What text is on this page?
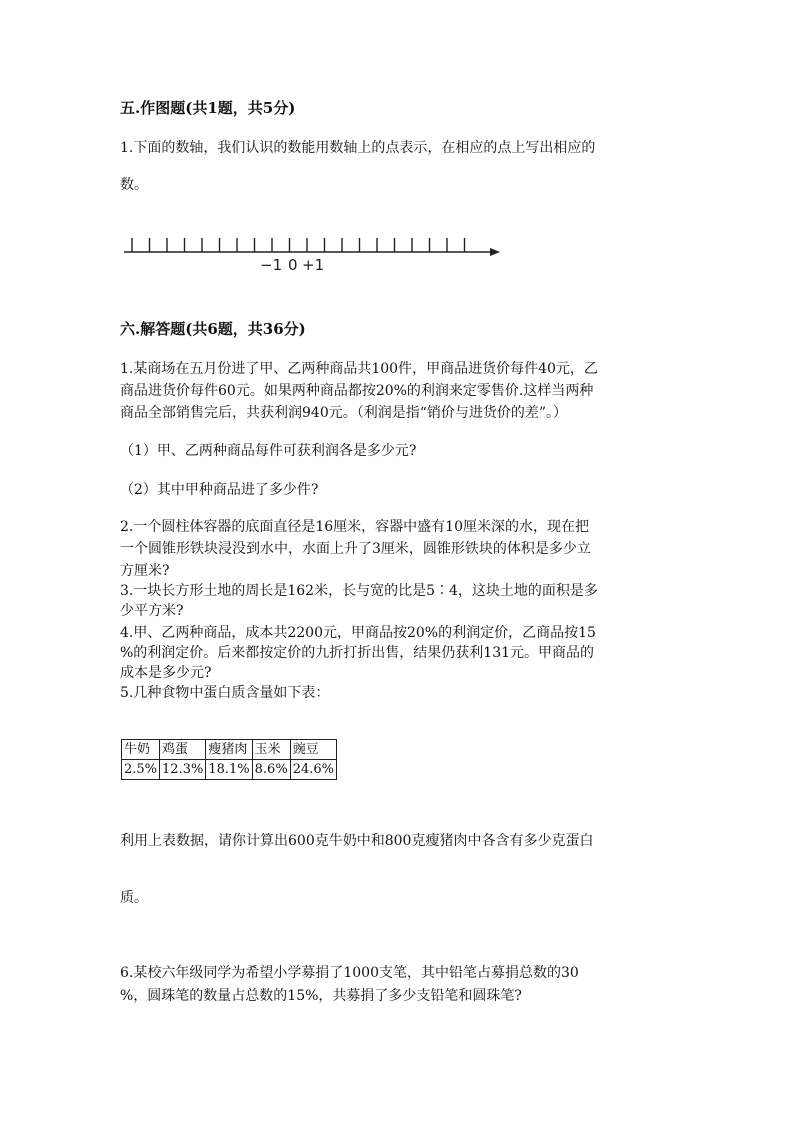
五.作图题(共1题，共5分)
1.下面的数轴，我们认识的数能用数轴上的点表示，在相应的点上写出相应的
数。
−1 0 +1
六.解答题(共6题，共36分)
1.某商场在五月份进了甲、乙两种商品共100件，甲商品进货价每件40元，乙
商品进货价每件60元。如果两种商品都按20%的利润来定零售价.这样当两种
商品全部销售完后，共获利润940元。（利润是指“销价与进货价的差”。）
（1）甲、乙两种商品每件可获利润各是多少元?
（2）其中甲种商品进了多少件?
2.一个圆柱体容器的底面直径是16厘米，容器中盛有10厘米深的水，现在把
一个圆锥形铁块浸没到水中，水面上升了3厘米，圆锥形铁块的体积是多少立
方厘米?
3.一块长方形土地的周长是162米，长与宽的比是5∶4，这块土地的面积是多
少平方米?
4.甲、乙两种商品，成本共2200元，甲商品按20%的利润定价，乙商品按15
%的利润定价。后来都按定价的九折打折出售，结果仍获利131元。甲商品的
成本是多少元?
5.几种食物中蛋白质含量如下表：
牛奶	鸡蛋	瘦猪肉	玉米	豌豆
2.5%	12.3%	18.1%	8.6%	24.6%
利用上表数据，请你计算出600克牛奶中和800克瘦猪肉中各含有多少克蛋白
质。
6.某校六年级同学为希望小学募捐了1000支笔，其中铅笔占募捐总数的30
%，圆珠笔的数量占总数的15%，共募捐了多少支铅笔和圆珠笔?
